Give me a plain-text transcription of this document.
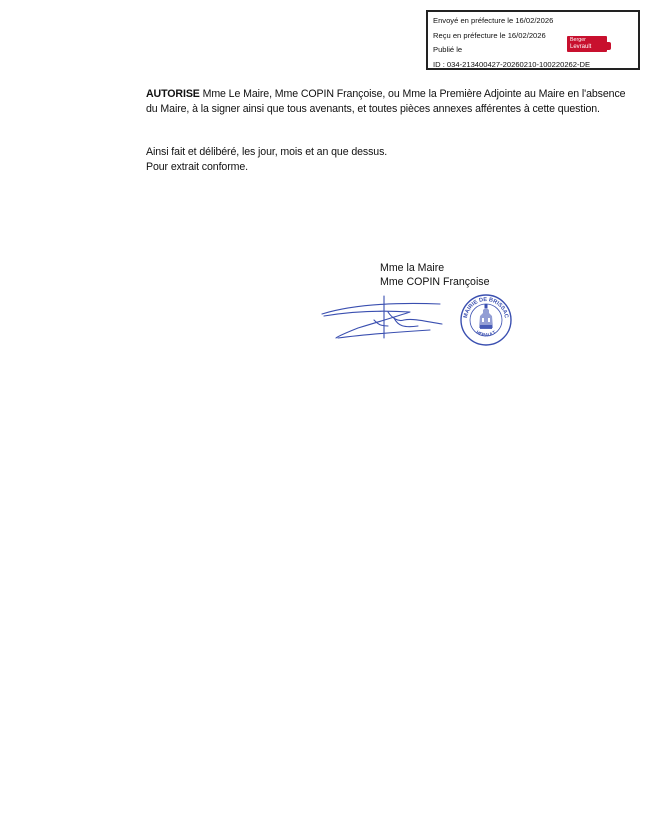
Envoyé en préfecture le 16/02/2026
Reçu en préfecture le 16/02/2026
Publié le
ID : 034-213400427-20260210-100220262-DE
Berger
Levrault
AUTORISE Mme Le Maire, Mme COPIN Françoise, ou Mme la Première Adjointe au Maire en l'absence
du Maire, à la signer ainsi que tous avenants, et toutes pièces annexes afférentes à cette question.
Ainsi fait et délibéré, les jour, mois et an que dessus.
Pour extrait conforme.
Mme la Maire
Mme COPIN Françoise
MAIRIE DE BRISSAC
HERAULT
